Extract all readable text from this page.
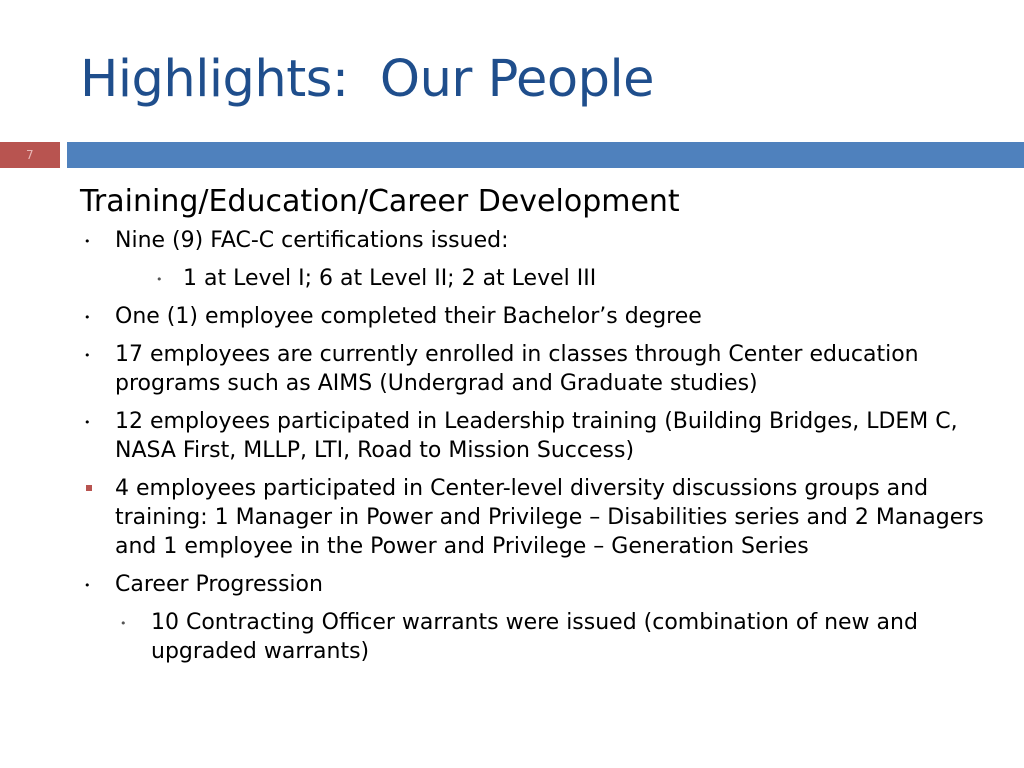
Highlights:  Our People
7
Training/Education/Career Development
• Nine (9) FAC-C certifications issued:
• 1 at Level I; 6 at Level II; 2 at Level III
• One (1) employee completed their Bachelor’s degree
• 17 employees are currently enrolled in classes through Center education programs such as AIMS (Undergrad and Graduate studies)
• 12 employees participated in Leadership training (Building Bridges, LDEM C, NASA First, MLLP, LTI, Road to Mission Success)
4 employees participated in Center-level diversity discussions groups and training: 1 Manager in Power and Privilege – Disabilities series and 2 Managers and 1 employee in the Power and Privilege – Generation Series
• Career Progression
• 10 Contracting Officer warrants were issued (combination of new and upgraded warrants)
